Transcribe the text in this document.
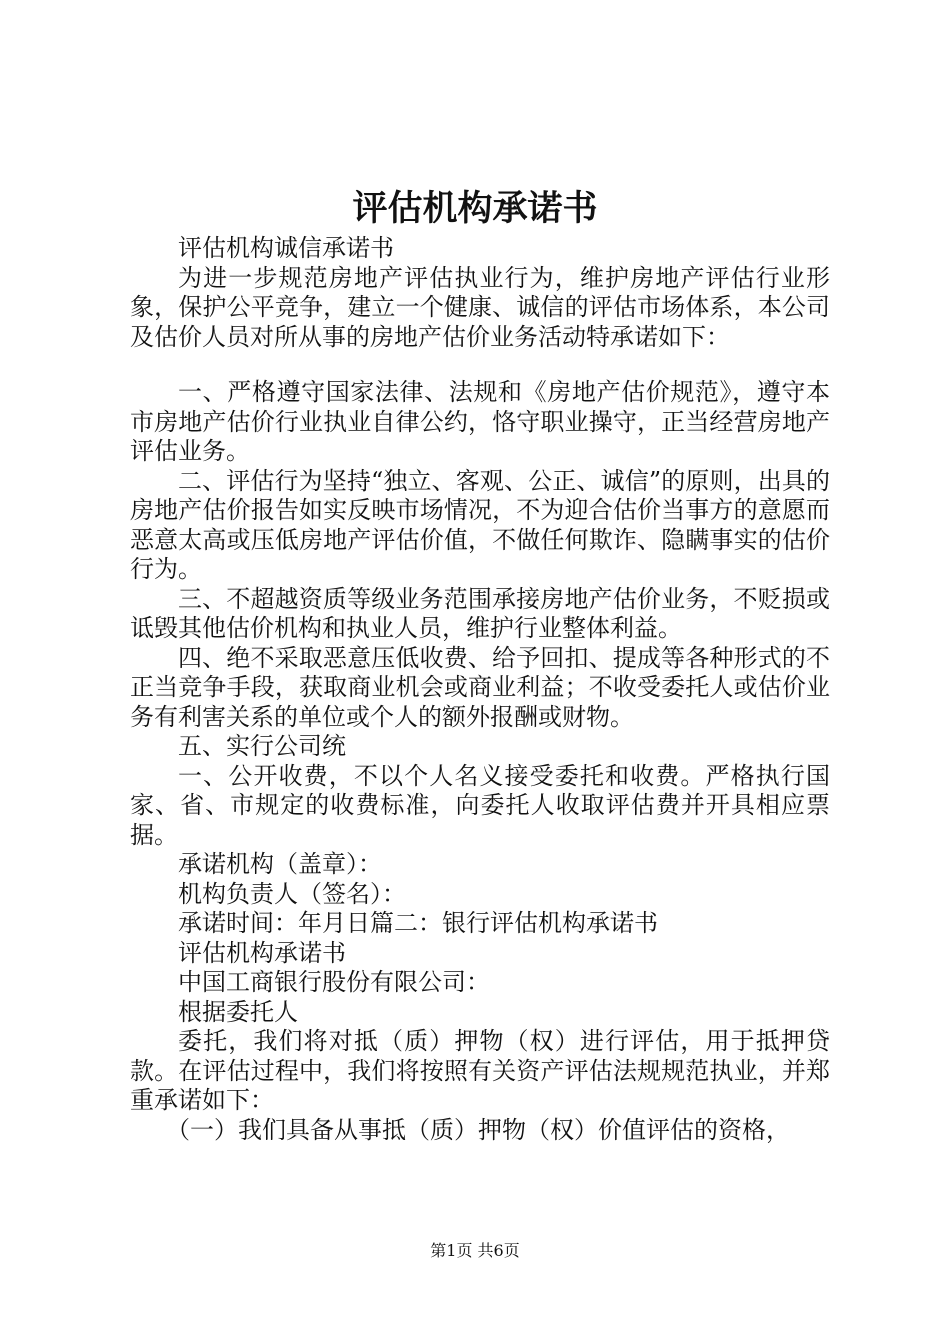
评估机构承诺书

评估机构诚信承诺书

为进一步规范房地产评估执业行为，维护房地产评估行业形象，保护公平竞争，建立一个健康、诚信的评估市场体系，本公司及估价人员对所从事的房地产估价业务活动特承诺如下：

一、严格遵守国家法律、法规和《房地产估价规范》，遵守本市房地产估价行业执业自律公约，恪守职业操守，正当经营房地产评估业务。

二、评估行为坚持“独立、客观、公正、诚信”的原则，出具的房地产估价报告如实反映市场情况，不为迎合估价当事方的意愿而恶意太高或压低房地产评估价值，不做任何欺诈、隐瞒事实的估价行为。

三、不超越资质等级业务范围承接房地产估价业务，不贬损或诋毁其他估价机构和执业人员，维护行业整体利益。

四、绝不采取恶意压低收费、给予回扣、提成等各种形式的不正当竞争手段，获取商业机会或商业利益；不收受委托人或估价业务有利害关系的单位或个人的额外报酬或财物。

五、实行公司统

一、公开收费，不以个人名义接受委托和收费。严格执行国家、省、市规定的收费标准，向委托人收取评估费并开具相应票据。

承诺机构（盖章）：

机构负责人（签名）：

承诺时间：年月日篇二：银行评估机构承诺书

评估机构承诺书

中国工商银行股份有限公司：

根据委托人

委托，我们将对抵（质）押物（权）进行评估，用于抵押贷款。在评估过程中，我们将按照有关资产评估法规规范执业，并郑重承诺如下：

（一）我们具备从事抵（质）押物（权）价值评估的资格，

第1页 共6页
